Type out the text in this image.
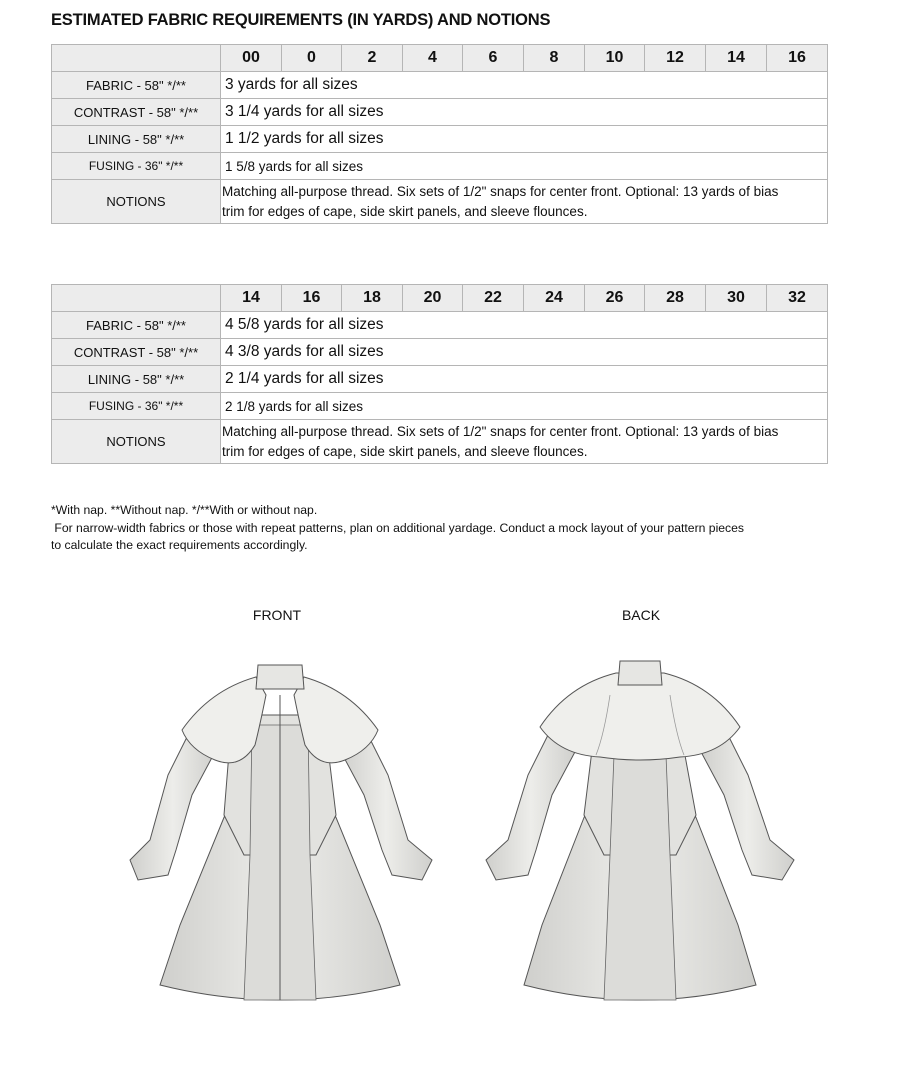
ESTIMATED FABRIC REQUIREMENTS (IN YARDS) AND NOTIONS
	00	0	2	4	6	8	10	12	14	16
FABRIC - 58" */**	3 yards for all sizes									
CONTRAST - 58" */**	3 1/4 yards for all sizes									
LINING - 58" */**	1 1/2 yards for all sizes									
FUSING - 36" */**	1 5/8 yards for all sizes									
NOTIONS	Matching all-purpose thread. Six sets of 1/2" snaps for center front. Optional: 13 yards of bias
trim for edges of cape, side skirt panels, and sleeve flounces.									
	14	16	18	20	22	24	26	28	30	32
FABRIC - 58" */**	4 5/8 yards for all sizes									
CONTRAST - 58" */**	4 3/8 yards for all sizes									
LINING - 58" */**	2 1/4 yards for all sizes									
FUSING - 36" */**	2 1/8 yards for all sizes									
NOTIONS	Matching all-purpose thread. Six sets of 1/2" snaps for center front. Optional: 13 yards of bias
trim for edges of cape, side skirt panels, and sleeve flounces.									

*With nap. **Without nap. */**With or without nap.

For narrow-width fabrics or those with repeat patterns, plan on additional yardage. Conduct a mock layout of your pattern pieces

to calculate the exact requirements accordingly.

FRONT	BACK
